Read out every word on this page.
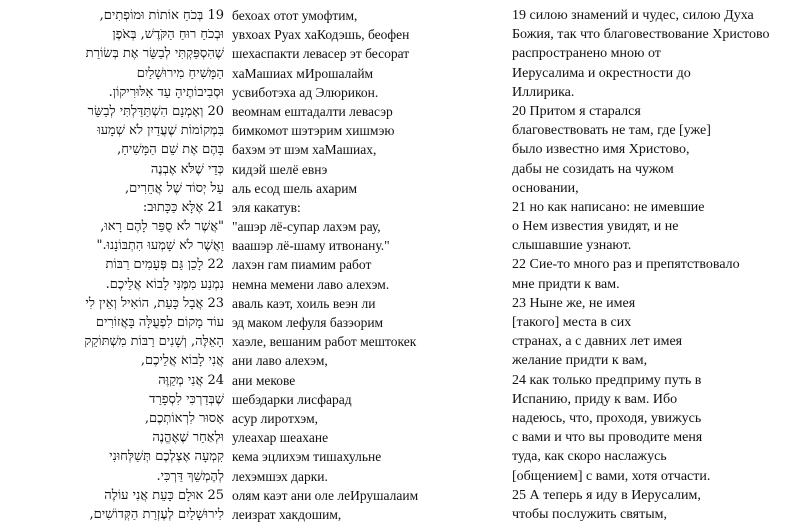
19 בְּכֹחַ אוֹתוֹת וּמוֹפְתִים,
וּבְכֹחַ רוּחַ הַקֹּדֶשׁ, בְּאֹפֶן
שֶׁהִסְפַּקְתִּי לְבַשֵּׂר אֶת בְּשׂוֹרַת
הַמָּשִׁיחַ מִירוּשָׁלַיִם
וּסְבִיבוֹתֶיהָ עַד אִלּוּרִיקוֹן.
20 וְאָמְנָם הִשְׁתַּדַּלְתִּי לְבַשֵּׂר
בִּמְקוֹמוֹת שֶׁעֲדַיִן לֹא שְׁמָעוּ
בָּהֶם אֶת שֵׁם הַמָּשִׁיחַ,
כְּדֵי שֶׁלֹּא אֶבְנֶה
עַל יְסוֹד שֶׁל אֲחֵרִים,
21 אֶלָּא כַּכָּתוּב:
"אֲשֶׁר לֹא סֻפַּר לָהֶם רָאוּ,
וַאֲשֶׁר לֹא שָׁמְעוּ הִתְבּוֹנָנוּ."
22 לָכֵן גַּם פְּעָמִים רַבּוֹת
נִמְנַע מִמֶּנִּי לָבוֹא אֲלֵיכֶם.
23 אֲבָל כָּעֵת, הוֹאִיל וְאֵין לִי
עוֹד מָקוֹם לִפְעֻלָּה בָּאֲזוֹרִים
הָאֵלֶּה, וְשָׁנִים רַבּוֹת מִשְׁתּוֹקֵק
אֲנִי לָבוֹא אֲלֵיכֶם,
24 אֲנִי מְקַוֶּה
שֶׁבְּדַרְכִּי לִסְפָרַד
אָסוּר לִרְאוֹתְכֶם,
וּלְאַחַר שֶׁאֶהֱנֶה
קִמְעָה אֶצְלְכֶם תְּשַׁלְּחוּנִי
לְהֶמְשֵׁךְ דַּרְכִּי.
25 אוּלָם כָּעֵת אֲנִי עוֹלֶה
לִירוּשָׁלַיִם לְעֶזְרַת הַקְּדוֹשִׁים,
бехоах отот умофтим,
увхоах Руах хаКодэшь, беофен
шехаспакти левасер эт бесорат
хаМашиах мИрошалайм
усвиботэха ад Элюрикон.
веомнам ештадалти левасэр
бимкомот шэтэрим хишмэю
бахэм эт шэм хаМашиах,
кидэй шелё евнэ
аль есод шель ахарим
эля какатув:
"ашэр лё-супар лахэм рау,
ваашэр лё-шаму итвонану."
лахэн гам пиамим работ
немна мемени лаво алехэм.
аваль каэт, хоиль веэн ли
эд маком лефуля базэорим
хаэле, вешаним работ мештокек
ани лаво алехэм,
ани мекове
шебэдарки лисфарад
асур лиротхэм,
улеахар шеахане
кема эцлихэм тишахульне
лехэмшэх дарки.
олям каэт ани оле леИрушалаим
леизрат хакдошим,
19 силою знамений и чудес, силою Духа
Божия, так что благовествование Христово
распространено мною от
Иерусалима и окрестности до
Иллирика.
20 Притом я старался
благовествовать не там, где [уже]
было известно имя Христово,
дабы не созидать на чужом
основании,
21 но как написано: не имевшие
о Нем известия увидят, и не
слышавшие узнают.
22 Сие-то много раз и препятствовало
мне придти к вам.
23 Ныне же, не имея
[такого] места в сих
странах, а с давних лет имея
желание придти к вам,
24 как только предприму путь в
Испанию, приду к вам. Ибо
надеюсь, что, проходя, увижусь
с вами и что вы проводите меня
туда, как скоро наслажусь
[общением] с вами, хотя отчасти.
25 А теперь я иду в Иерусалим,
чтобы послужить святым,
